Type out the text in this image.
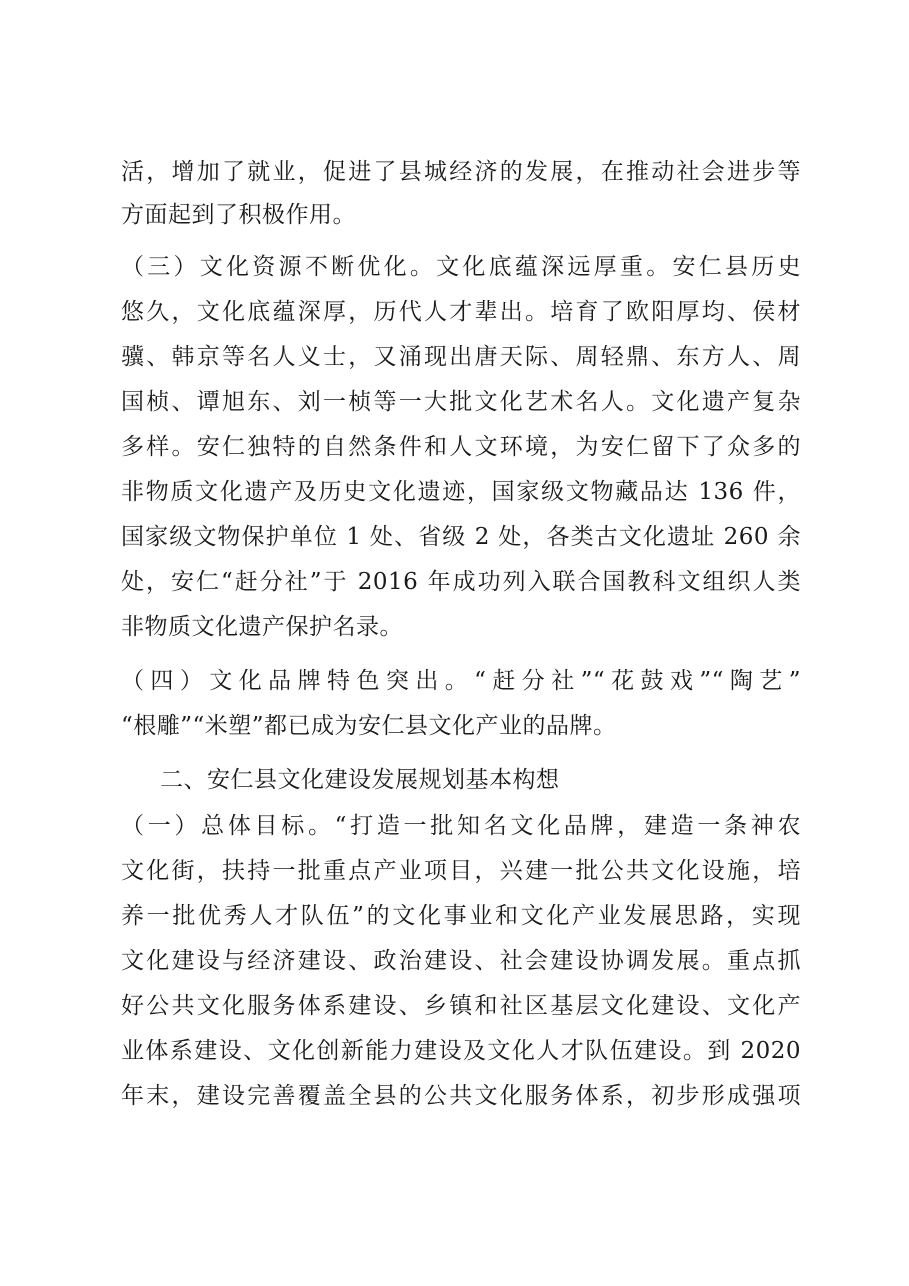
活，增加了就业，促进了县城经济的发展，在推动社会进步等
方面起到了积极作用。
（三）文化资源不断优化。文化底蕴深远厚重。安仁县历史
悠久，文化底蕴深厚，历代人才辈出。培育了欧阳厚均、侯材
骥、韩京等名人义士，又涌现出唐天际、周轻鼎、东方人、周
国桢、谭旭东、刘一桢等一大批文化艺术名人。文化遗产复杂
多样。安仁独特的自然条件和人文环境，为安仁留下了众多的
非物质文化遗产及历史文化遗迹，国家级文物藏品达 136 件，
国家级文物保护单位 1 处、省级 2 处，各类古文化遗址 260 余
处，安仁“赶分社”于 2016 年成功列入联合国教科文组织人类
非物质文化遗产保护名录。
（四）文化品牌特色突出。“赶分社”“花鼓戏”“陶艺”
“根雕”“米塑”都已成为安仁县文化产业的品牌。
二、安仁县文化建设发展规划基本构想
（一）总体目标。“打造一批知名文化品牌，建造一条神农
文化街，扶持一批重点产业项目，兴建一批公共文化设施，培
养一批优秀人才队伍”的文化事业和文化产业发展思路，实现
文化建设与经济建设、政治建设、社会建设协调发展。重点抓
好公共文化服务体系建设、乡镇和社区基层文化建设、文化产
业体系建设、文化创新能力建设及文化人才队伍建设。到 2020
年末，建设完善覆盖全县的公共文化服务体系，初步形成强项
